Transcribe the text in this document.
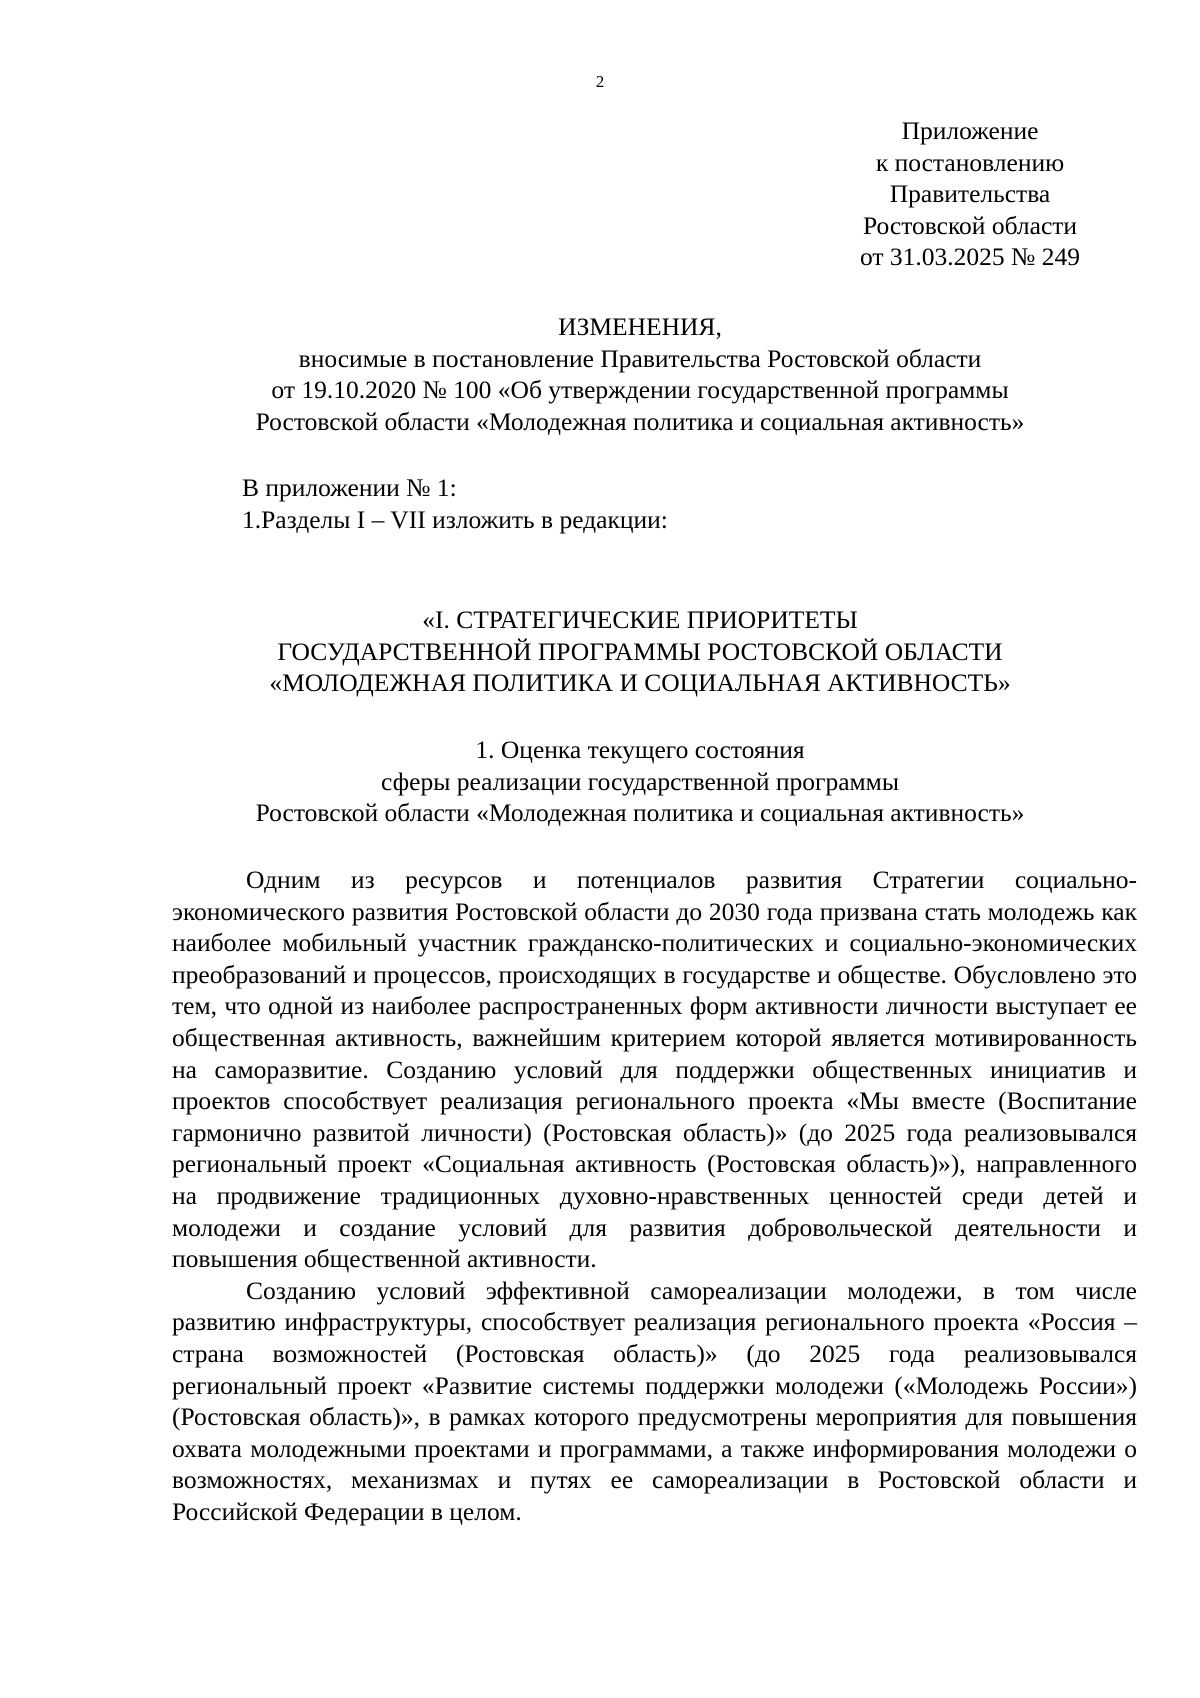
2
Приложение
к постановлению
Правительства
Ростовской области
от 31.03.2025 № 249
ИЗМЕНЕНИЯ,
вносимые в постановление Правительства Ростовской области
от 19.10.2020 № 100 «Об утверждении государственной программы
Ростовской области «Молодежная политика и социальная активность»
В приложении № 1:
1.Разделы I – VII изложить в редакции:
«I. СТРАТЕГИЧЕСКИЕ ПРИОРИТЕТЫ
ГОСУДАРСТВЕННОЙ ПРОГРАММЫ РОСТОВСКОЙ ОБЛАСТИ
«МОЛОДЕЖНАЯ ПОЛИТИКА И СОЦИАЛЬНАЯ АКТИВНОСТЬ»
1. Оценка текущего состояния
сферы реализации государственной программы
Ростовской области «Молодежная политика и социальная активность»

Одним из ресурсов и потенциалов развития Стратегии социально-экономического развития Ростовской области до 2030 года призвана стать молодежь как наиболее мобильный участник гражданско-политических и социально-экономических преобразований и процессов, происходящих в государстве и обществе. Обусловлено это тем, что одной из наиболее распространенных форм активности личности выступает ее общественная активность, важнейшим критерием которой является мотивированность на саморазвитие. Созданию условий для поддержки общественных инициатив и проектов способствует реализация регионального проекта «Мы вместе (Воспитание гармонично развитой личности) (Ростовская область)» (до 2025 года реализовывался региональный проект «Социальная активность (Ростовская область)»), направленного на продвижение традиционных духовно-нравственных ценностей среди детей и молодежи и создание условий для развития добровольческой деятельности и повышения общественной активности.

Созданию условий эффективной самореализации молодежи, в том числе развитию инфраструктуры, способствует реализация регионального проекта «Россия – страна возможностей (Ростовская область)» (до 2025 года реализовывался региональный проект «Развитие системы поддержки молодежи («Молодежь России») (Ростовская область)», в рамках которого предусмотрены мероприятия для повышения охвата молодежными проектами и программами, а также информирования молодежи о возможностях, механизмах и путях ее самореализации в Ростовской области и Российской Федерации в целом.
